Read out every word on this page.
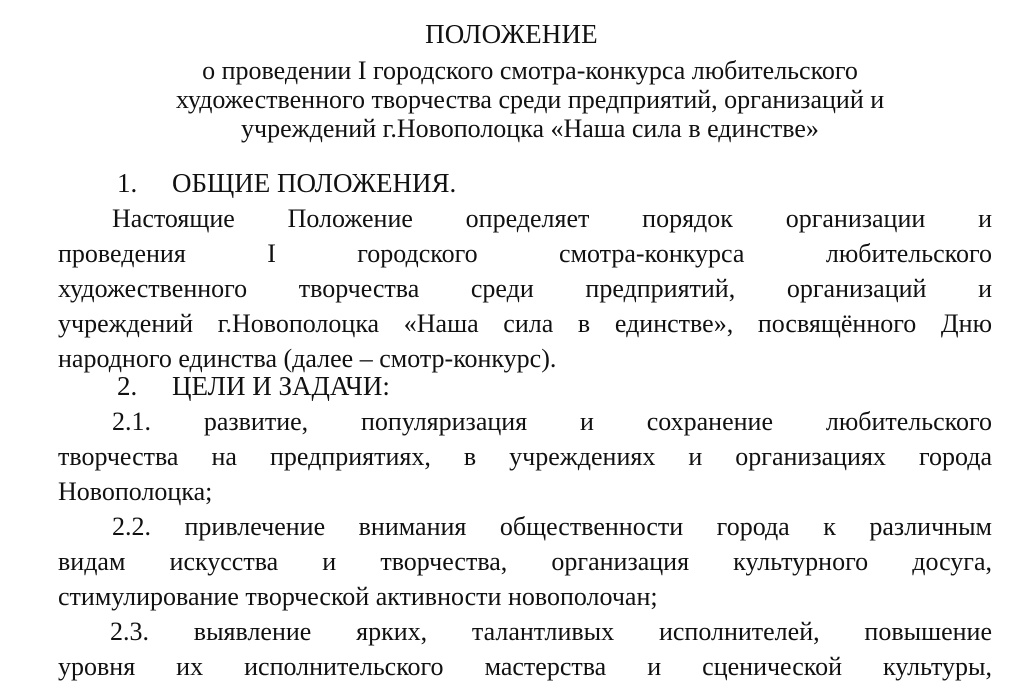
ПОЛОЖЕНИЕ
о проведении I городского смотра-конкурса любительского
художественного творчества среди предприятий, организаций и
учреждений г.Новополоцка «Наша сила в единстве»
1. ОБЩИЕ ПОЛОЖЕНИЯ.
Настоящие Положение определяет порядок организации и
проведения I городского смотра-конкурса любительского
художественного творчества среди предприятий, организаций и
учреждений г.Новополоцка «Наша сила в единстве», посвящённого Дню
народного единства (далее – смотр-конкурс).
2. ЦЕЛИ И ЗАДАЧИ:
2.1. развитие, популяризация и сохранение любительского
творчества на предприятиях, в учреждениях и организациях города
Новополоцка;
2.2. привлечение внимания общественности города к различным
видам искусства и творчества, организация культурного досуга,
стимулирование творческой активности новополочан;
2.3. выявление ярких, талантливых исполнителей, повышение
уровня их исполнительского мастерства и сценической культуры,
